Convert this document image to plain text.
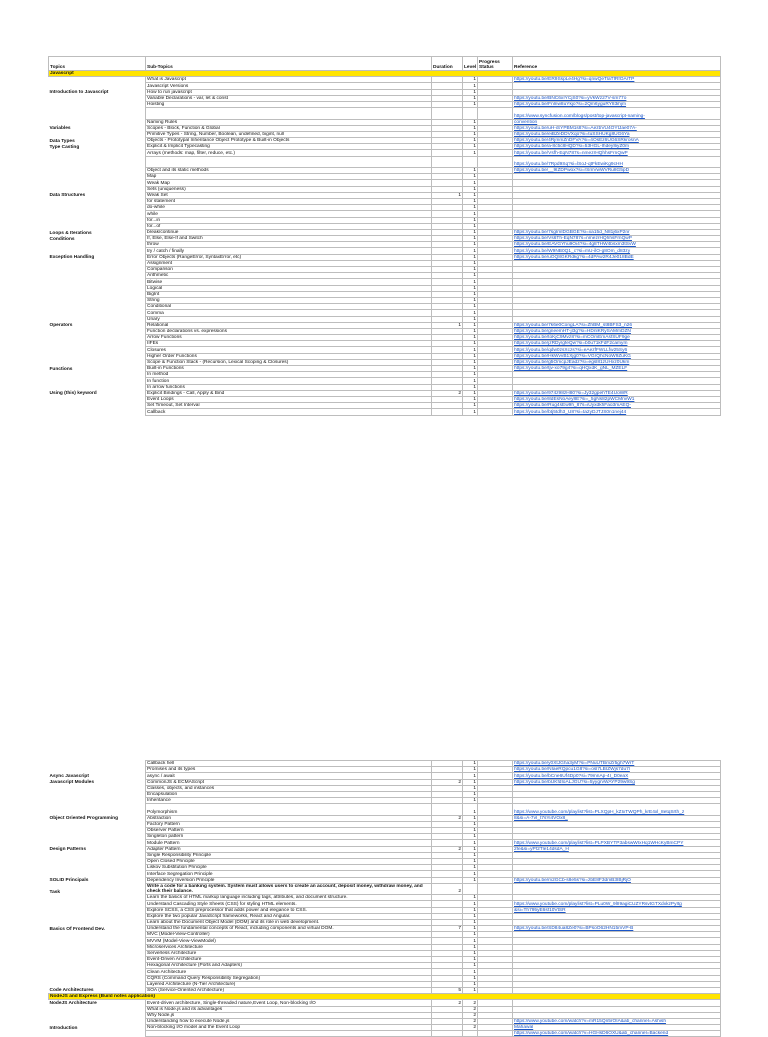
Topics	Sub-Topics	Duration	Level	Progress Status	Reference
Javascript					
	What is Javascript		1		https://youtu.be/ER9SspLe4Hg?si=qnwQeTlaTfRfOArTP
	Javascript Versions		1		
Introduction to Javascript	How to run javascript		1		
	Variable Declarations - var, let & const		1		https://youtu.be/BNC6xIYCjS0?si=yVkWz27V-sm77o
	Hoisting		1		https://youtu.be/Fnlnw8uYkjo?si=2Qm6yguRY83ihjm
					https://www.syncfusion.com/blogs/post/top-javascript-naming-
	Naming Rules		1		convention
Variables	Scopes - Block, Function & Global		1		https://youtu.be/uH-iSYPBM1s8?si=AezbVU4OYtJae07A-
	Primitive Types - String, Number, Boolean, undefined, bigint, null		1		https://youtu.be/eiBZeDDVXqo?si=tuSSHUKg8UG6Ya
Data Types	Objects - Prototypal Inheritance Object Prototype & Built-in Objects		1		https://youtu.be/4RjmmZnDFVA?si=4OsEz6UG6SRkrosnA
Type Casting	Explicit & Implicit Typecasting		1		https://youtu.be/a-8c5c8HQD?si=53HGL-Ihdey8iyZ0m
	Arrays (methods: map, filter, reduce, etc.)		1		https://youtu.be/Vsfh-EqN787s=nmezrHQhhsFrnQwP
					https://youtu.be/7Rpd9Sq?si=lSoJ-qtFkEwiKg9cHH
	Object and its static methods		1		https://youtu.be/__9IZDPwox?si=rSmVwWVRu8G5pD
	Map		1		
	Weak Map		1		
	Sets (uniqueness)		1		
Data Structures	Weak Set	1	1		
	for statement		1		
	do-while		1		
	while		1		
	for...in		1		
	for...of		1		
Loops & Iterations	break/continue		1		https://youtu.be/7sgImIDGBGE?si=xa15d_N81j6xP2nr
Conditions	If, Else, Else-If and Switch		1		https://youtu.be/Vs6Th-EqN787s=nmezrHQhhsFrnQwP
	throw		1		https://youtu.be/EAVGYhu9Oi4?si=4g8THW4bsxm3tSvW
	try / catch / finally		1		https://youtu.be/W9NB0Q1_c?si=mU-ilO-g8Om_d83zy
Exception Handling	Error Objects (RangeError, SyntaxError, etc)		1		https://youtu.be/uOQ8GKRdkg?si=4dPAw2R4Je018BdE
	Assignment		1		
	Comparison		1		
	Arithmetic		1		
	Bitwise		1		
	Logical		1		
	BigInt		1		
	String		1		
	Conditional		1		
	Comma		1		
	Unary		1		
Operators	Relational	1	1		https://youtu.be/7k6e0CongLA?si=ZhBM_st8BFS3_n26
	Function declarations vs. expressions		1		https://youtu.be/gneemHT-jl3g?si=HDnlKRySAMmDZN
	Arrow Functions		1		https://youtu.be/toKjC9Mvz8?si=mCOmEmAsfSUF9ge
	IIFEs		1		https://youtu.be/jzRDy/gfeQw?si=b0u71kFdF2camym
	Closures		1		https://youtu.be/qdw0zsXczs?si=eAezfFWLLfw25Sy6
	Higher Order Functions		1		https://youtu.be/HkWvvB1Xjg0?si=VGrQhcNoW9ZuKG
	Scope & Function Stack - (Recursion, Lexical Scoping & Closures)		1		https://youtu.be/g5OmcpJEadz?si=egsl81zUHxz0Ukm
Functions	Built-in Functions		1		https://youtu.be/tjv-xo79g4?si=qHQxdK_gNL_MZELF
	In method		1		
	In function		1		
	In arrow functions		1		
Using (this) keyword	Explicit Bindings - Call, Apply & Bind	2	1		https://youtu.be/974z98zH80?si=Jy32gpehTE4UoWR
	Event Loops		1		https://youtu.be/8dEsNoAey8E?si=_5gNs82pWCMnvW1
	Set Timeout, Set Interval		1		https://youtu.be/Rug4sEw9h_87s=iUyxdkhFao3mAEQ-
	Callback		1		https://youtu.be/btj5tdh3_U8?si=ta2yDJTJS0n1nej44
	Callback hell		1		https://youtu.be/y0XtJGha3yM?si=PNuUTBmZr5gh7WrT
	Promises and its types		1		https://youtu.be/NIaeRQpcu1G8?si=osl7LBIZWjs7du7l
Async Javascript	async / await		1		https://youtu.be/bCne6Uf4Dp0?si=79mnAp-4I_D0eaX
Javascript Modules	CommonJS & ECMAScript	2	1		https://youtu.be/bUKfdIoALJGU?si=5yygrvWAYP29w9Sg
	Classes, objects, and instances		1		
	Encapsulation		1		
	Inheritance		1		
	Polymorphism		1		https://www.youtube.com/playlist?list=PLXQpH_kZIxTWQPh_krE4xl_8etqSrth_z
Object Oriented Programming	Abstraction	2	1		8&si=A-7vI_t7sYi4VOx8_
	Factory Pattern		1		
	Observer Pattern		1		
	Singleton pattern		1		
	Module Pattern		1		https://www.youtube.com/playlist?list=PLPXBYTP3abswWIxHq1WHcKyBmCPY
Design Patterns	Adapter Pattern	2	1		2fe&si=yPf2Tle14dsdA_H
	Single Responsibility Principle		1		
	Open Closed Principle		1		
	Liskov Substitution Principle		1		
	Interface Segregation Principle		1		
SOLID Principals	Dependency Inversion Principle		1		https://youtu.be/m2GCb-s8e5s?si=zbE8F3dmB3IBjRjO
Task	Write a code for a banking system. System must allows users to create an account, deposit money, withdraw money, and check their balance.	2			
	Learn the basics of HTML markup language including tags, attributes, and document structure.		1		
	Understand Cascading Style Sheets (CSS) for styling HTML elements.		1		https://www.youtube.com/playlist?list=PLu0W_9lII9agiCUZYRsvtGTXdxkzPyItg
	Explore SCSS, a CSS preprocessor that adds power and elegance to CSS.		1		&si=Th795yE6sf10VtSR
	Explore the two popular JavaScript frameworks, React and Angular.		1		
	Learn about the Document Object Model (DOM) and its role in web development.		1		
Basics Of Frontend Dev.	Understand the fundamental concepts of React, including components and virtual DOM.	7	1		https://youtu.be/SD84ua8Ze0?si=BPsoO62HN15mVP-B
	MVC (Model-View-Controller)		1		
	MVVM (Model-View-ViewModel)		1		
	Microservices Architecture		1		
	Serverless Architecture		1		
	Event-Driven Architecture		1		
	Hexagonal Architecture (Ports and Adapters)		1		
	Clean Architecture		1		
	CQRS (Command Query Responsibility Segregation)		1		
	Layered Architecture (N-Tier Architecture)		1		
Code Architectures	SOA (Service-Oriented Architecture)	5	1		
NodeJS and Express (Build notes application)					
NodeJS Architecture	Event-driven architecture, Single-threaded nature,Event Loop, Non-blocking I/O	2	2		
	What is Node.js and its advantages		2		
	Why Node.js		2		
	Understanding how to execute Node.js		2		https://www.youtube.com/watch?v=mR15Qn5rOIA&ab_channel=Ashish
Introduction	Non-blocking I/O model and the Event Loop		2		Mahawal
					https://www.youtube.com/watch?v=HGHsD6OXU&ab_channel=Backend
